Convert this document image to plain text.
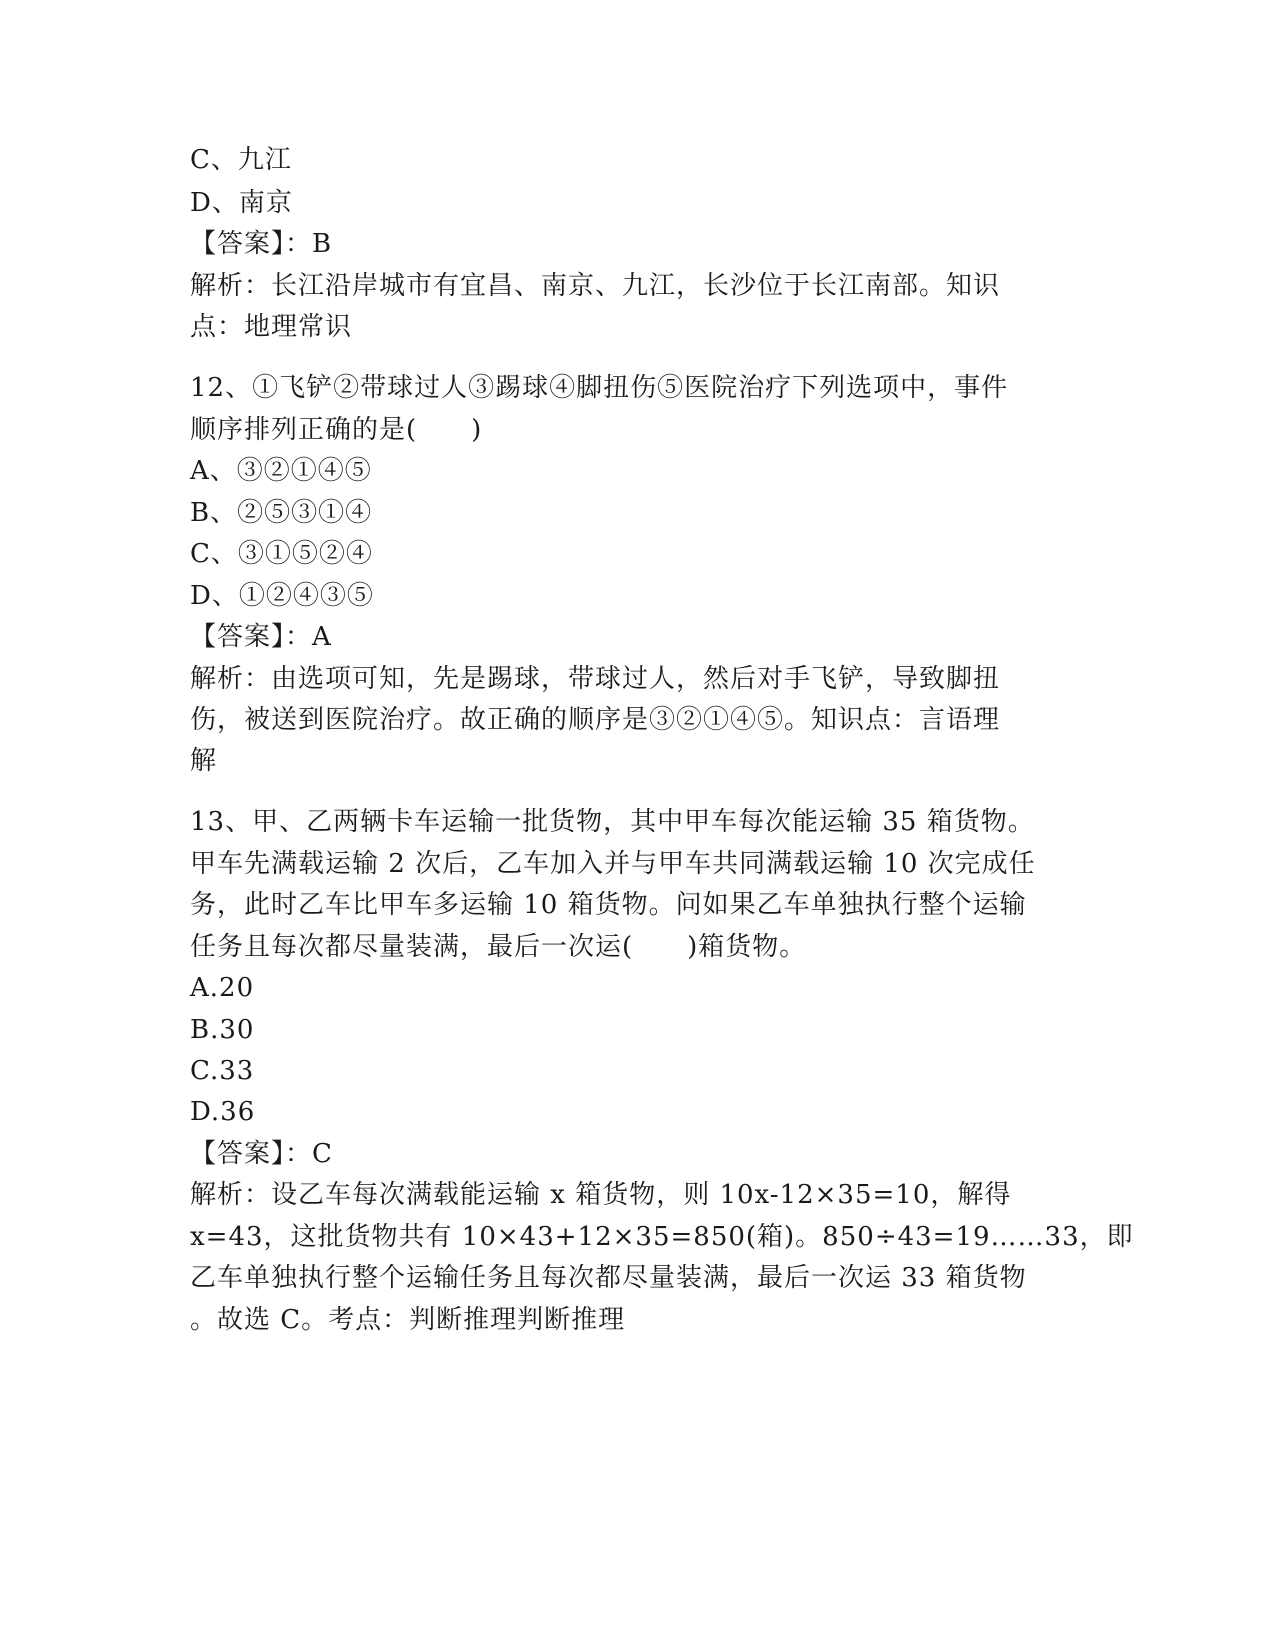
C、九江
D、南京
【答案】：B
解析：长江沿岸城市有宜昌、南京、九江，长沙位于长江南部。知识
点：地理常识
12、①飞铲②带球过人③踢球④脚扭伤⑤医院治疗下列选项中，事件
顺序排列正确的是(　　)
A、③②①④⑤
B、②⑤③①④
C、③①⑤②④
D、①②④③⑤
【答案】：A
解析：由选项可知，先是踢球，带球过人，然后对手飞铲，导致脚扭
伤，被送到医院治疗。故正确的顺序是③②①④⑤。知识点：言语理
解
13、甲、乙两辆卡车运输一批货物，其中甲车每次能运输 35 箱货物。
甲车先满载运输 2 次后，乙车加入并与甲车共同满载运输 10 次完成任
务，此时乙车比甲车多运输 10 箱货物。问如果乙车单独执行整个运输
任务且每次都尽量装满，最后一次运(　　)箱货物。
A.20
B.30
C.33
D.36
【答案】：C
解析：设乙车每次满载能运输 x 箱货物，则 10x-12×35=10，解得
x=43，这批货物共有 10×43+12×35=850(箱)。850÷43=19……33，即
乙车单独执行整个运输任务且每次都尽量装满，最后一次运 33 箱货物
。故选 C。考点：判断推理判断推理
